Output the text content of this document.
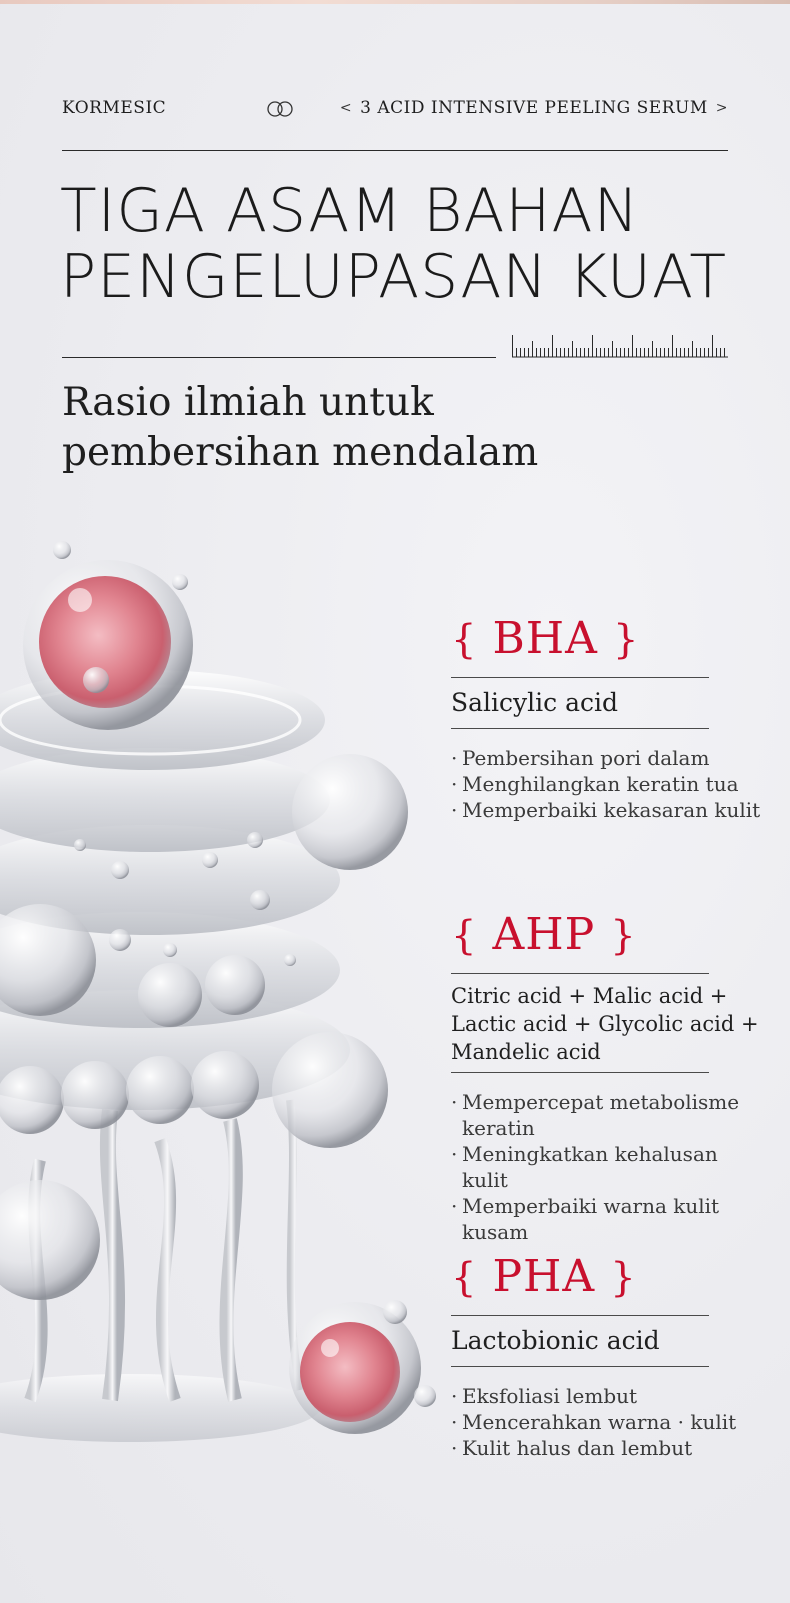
KORMESIC	< 3 ACID INTENSIVE PEELING SERUM >
TIGA ASAM BAHAN
PENGELUPASAN KUAT

Rasio ilmiah untuk pembersihan mendalam

{ BHA }
Salicylic acid
· Pembersihan pori dalam
· Menghilangkan keratin tua
· Memperbaiki kekasaran kulit
{ AHP }
Citric acid + Malic acid + Lactic acid + Glycolic acid + Mandelic acid
· Mempercepat metabolisme keratin
· Meningkatkan kehalusan kulit
· Memperbaiki warna kulit kusam
{ PHA }
Lactobionic acid
· Eksfoliasi lembut
· Mencerahkan warna · kulit
· Kulit halus dan lembut
